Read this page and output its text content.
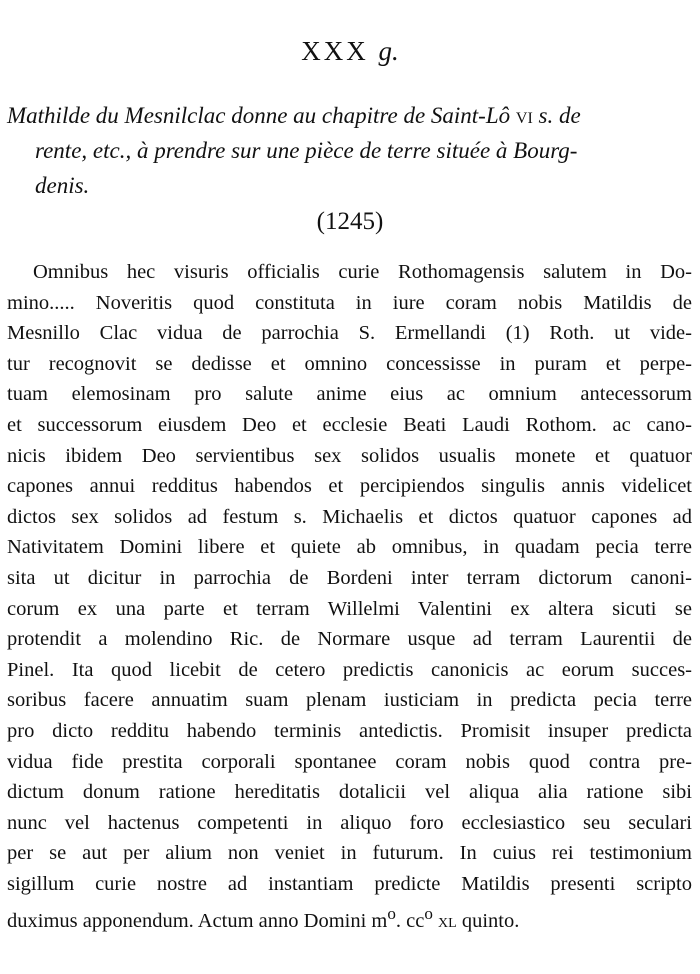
XXX g.
Mathilde du Mesnilclac donne au chapitre de Saint-Lô vi s. de
rente, etc., à prendre sur une pièce de terre située à Bourg-
denis.
(1245)
Omnibus hec visuris officialis curie Rothomagensis salutem in Do-
mino..... Noveritis quod constituta in iure coram nobis Matildis de
Mesnillo Clac vidua de parrochia S. Ermellandi (1) Roth. ut vide-
tur recognovit se dedisse et omnino concessisse in puram et perpe-
tuam elemosinam pro salute anime eius ac omnium antecessorum
et successorum eiusdem Deo et ecclesie Beati Laudi Rothom. ac cano-
nicis ibidem Deo servientibus sex solidos usualis monete et quatuor
capones annui redditus habendos et percipiendos singulis annis videlicet
dictos sex solidos ad festum s. Michaelis et dictos quatuor capones ad
Nativitatem Domini libere et quiete ab omnibus, in quadam pecia terre
sita ut dicitur in parrochia de Bordeni inter terram dictorum canoni-
corum ex una parte et terram Willelmi Valentini ex altera sicuti se
protendit a molendino Ric. de Normare usque ad terram Laurentii de
Pinel. Ita quod licebit de cetero predictis canonicis ac eorum succes-
soribus facere annuatim suam plenam iusticiam in predicta pecia terre
pro dicto redditu habendo terminis antedictis. Promisit insuper predicta
vidua fide prestita corporali spontanee coram nobis quod contra pre-
dictum donum ratione hereditatis dotalicii vel aliqua alia ratione sibi
nunc vel hactenus competenti in aliquo foro ecclesiastico seu seculari
per se aut per alium non veniet in futurum. In cuius rei testimonium
sigillum curie nostre ad instantiam predicte Matildis presenti scripto
duximus apponendum. Actum anno Domini $m^o$. $cc^o$ xl quinto.
